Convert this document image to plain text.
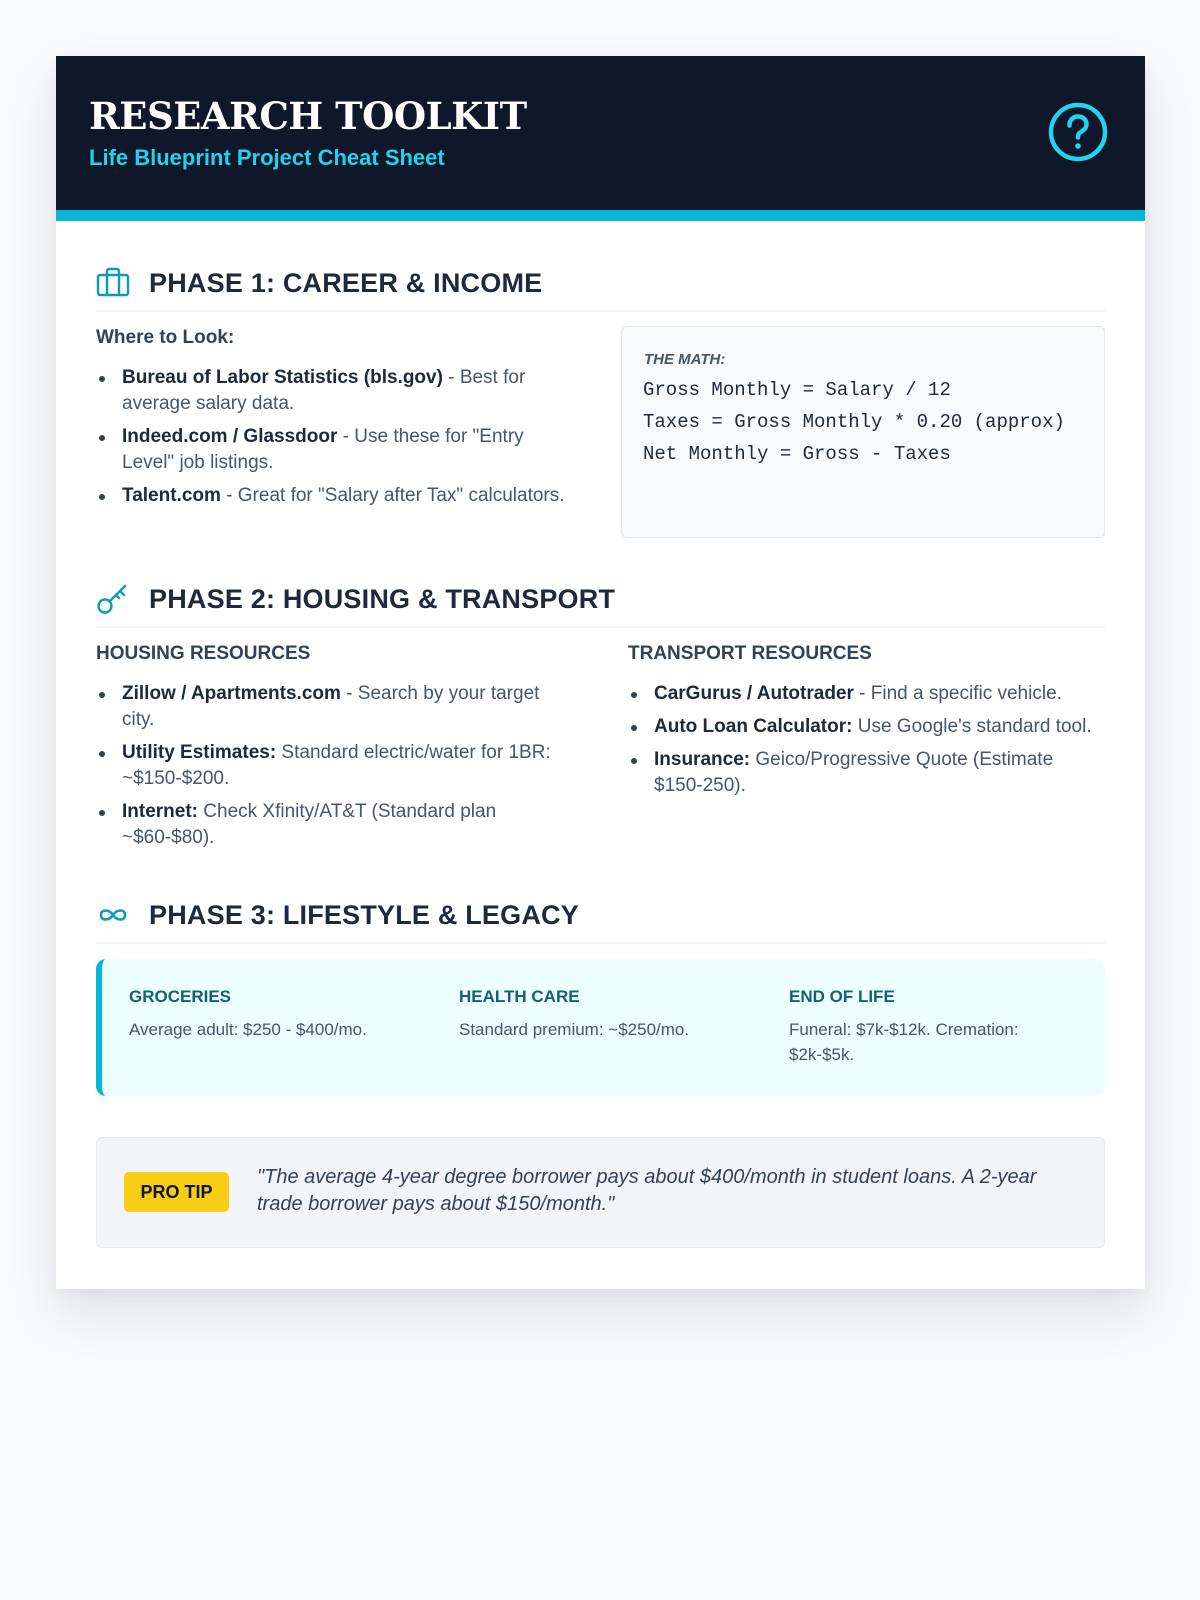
RESEARCH TOOLKIT
Life Blueprint Project Cheat Sheet
PHASE 1: CAREER & INCOME
Where to Look:
Bureau of Labor Statistics (bls.gov) - Best for average salary data.
Indeed.com / Glassdoor - Use these for "Entry Level" job listings.
Talent.com - Great for "Salary after Tax" calculators.
THE MATH:
Gross Monthly = Salary / 12
Taxes = Gross Monthly * 0.20 (approx)
Net Monthly = Gross - Taxes
PHASE 2: HOUSING & TRANSPORT
HOUSING RESOURCES
Zillow / Apartments.com - Search by your target city.
Utility Estimates: Standard electric/water for 1BR: ~$150-$200.
Internet: Check Xfinity/AT&T (Standard plan ~$60-$80).
TRANSPORT RESOURCES
CarGurus / Autotrader - Find a specific vehicle.
Auto Loan Calculator: Use Google's standard tool.
Insurance: Geico/Progressive Quote (Estimate $150-250).
PHASE 3: LIFESTYLE & LEGACY
GROCERIES
Average adult: $250 - $400/mo.
HEALTH CARE
Standard premium: ~$250/mo.
END OF LIFE
Funeral: $7k-$12k. Cremation: $2k-$5k.
PRO TIP
"The average 4-year degree borrower pays about $400/month in student loans. A 2-year trade borrower pays about $150/month."
